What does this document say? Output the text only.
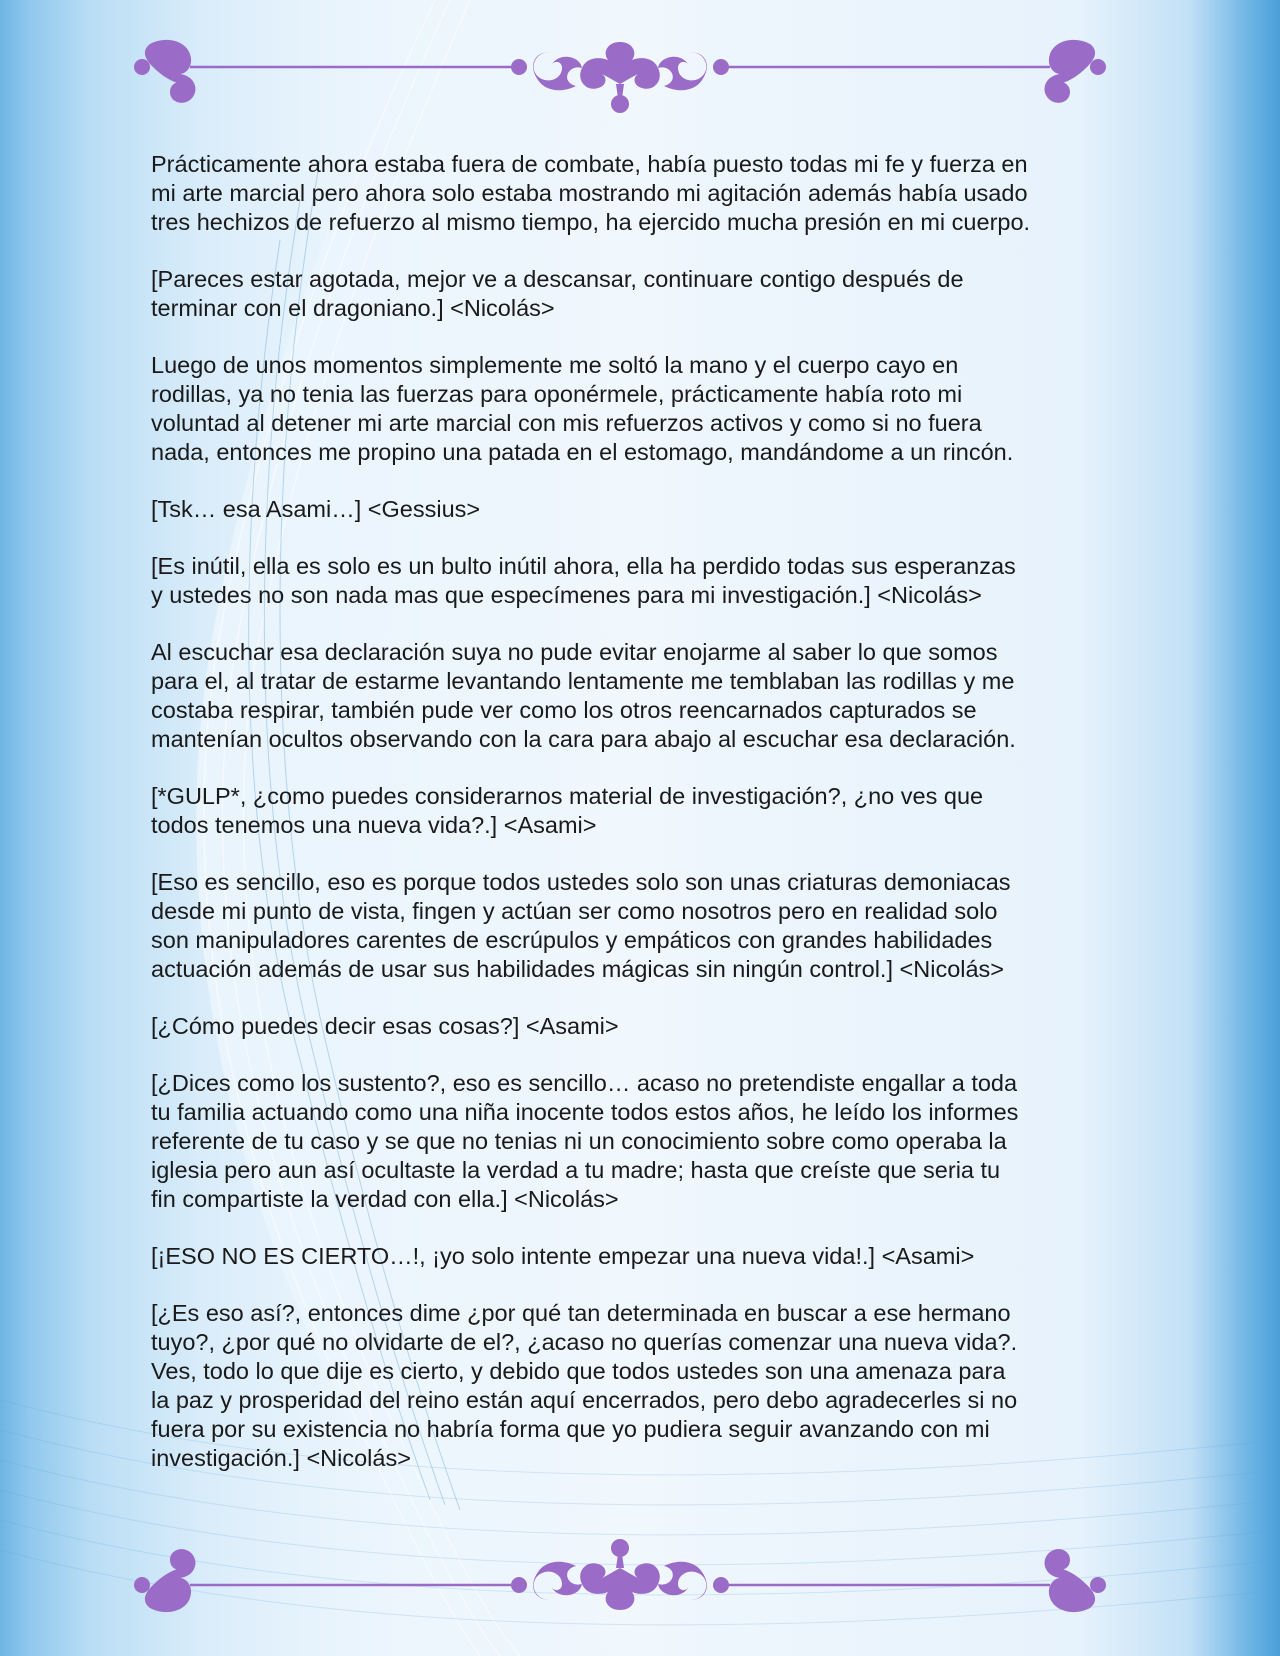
Prácticamente ahora estaba fuera de combate, había puesto todas mi fe y fuerza en
mi arte marcial pero ahora solo estaba mostrando mi agitación además había usado
tres hechizos de refuerzo al mismo tiempo, ha ejercido mucha presión en mi cuerpo.

[Pareces estar agotada, mejor ve a descansar, continuare contigo después de
terminar con el dragoniano.] <Nicolás>

Luego de unos momentos simplemente me soltó la mano y el cuerpo cayo en
rodillas, ya no tenia las fuerzas para oponérmele, prácticamente había roto mi
voluntad al detener mi arte marcial con mis refuerzos activos y como si no fuera
nada, entonces me propino una patada en el estomago, mandándome a un rincón.

[Tsk… esa Asami…] <Gessius>

[Es inútil, ella es solo es un bulto inútil ahora, ella ha perdido todas sus esperanzas
y ustedes no son nada mas que especímenes para mi investigación.] <Nicolás>

Al escuchar esa declaración suya no pude evitar enojarme al saber lo que somos
para el, al tratar de estarme levantando lentamente me temblaban las rodillas y me
costaba respirar, también pude ver como los otros reencarnados capturados se
mantenían ocultos observando con la cara para abajo al escuchar esa declaración.

[*GULP*, ¿como puedes considerarnos material de investigación?, ¿no ves que
todos tenemos una nueva vida?.] <Asami>

[Eso es sencillo, eso es porque todos ustedes solo son unas criaturas demoniacas
desde mi punto de vista, fingen y actúan ser como nosotros pero en realidad solo
son manipuladores carentes de escrúpulos y empáticos con grandes habilidades
actuación además de usar sus habilidades mágicas sin ningún control.] <Nicolás>

[¿Cómo puedes decir esas cosas?] <Asami>

[¿Dices como los sustento?, eso es sencillo… acaso no pretendiste engallar a toda
tu familia actuando como una niña inocente todos estos años, he leído los informes
referente de tu caso y se que no tenias ni un conocimiento sobre como operaba la
iglesia pero aun así ocultaste la verdad a tu madre; hasta que creíste que seria tu
fin compartiste la verdad con ella.] <Nicolás>

[¡ESO NO ES CIERTO…!, ¡yo solo intente empezar una nueva vida!.] <Asami>

[¿Es eso así?, entonces dime ¿por qué tan determinada en buscar a ese hermano
tuyo?, ¿por qué no olvidarte de el?, ¿acaso no querías comenzar una nueva vida?.
Ves, todo lo que dije es cierto, y debido que todos ustedes son una amenaza para
la paz y prosperidad del reino están aquí encerrados, pero debo agradecerles si no
fuera por su existencia no habría forma que yo pudiera seguir avanzando con mi
investigación.] <Nicolás>
